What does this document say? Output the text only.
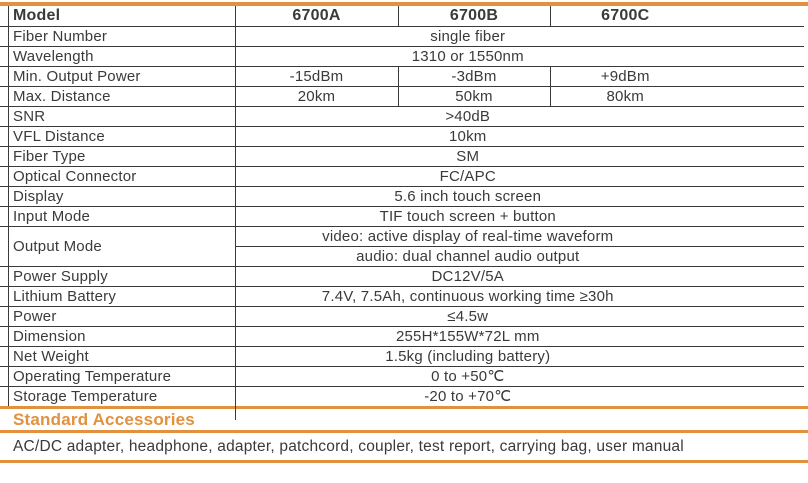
Model	6700A	6700B	6700C	
Fiber Number	single fiber			
Wavelength	1310 or 1550nm			
Min. Output Power	-15dBm	-3dBm	+9dBm	
Max. Distance	20km	50km	80km	
SNR	>40dB			
VFL Distance	10km			
Fiber Type	SM			
Optical Connector	FC/APC			
Display	5.6 inch touch screen			
Input Mode	TIF touch screen + button			
Output Mode	video: active display of real-time waveform			
	audio: dual channel audio output			
Power Supply	DC12V/5A			
Lithium Battery	7.4V, 7.5Ah, continuous working time ≥30h			
Power	≤4.5w			
Dimension	255H*155W*72L mm			
Net Weight	1.5kg (including battery)			
Operating Temperature	0 to +50℃			
Storage Temperature	-20 to +70℃			
Standard Accessories
AC/DC adapter, headphone, adapter, patchcord, coupler, test report, carrying bag, user manual
